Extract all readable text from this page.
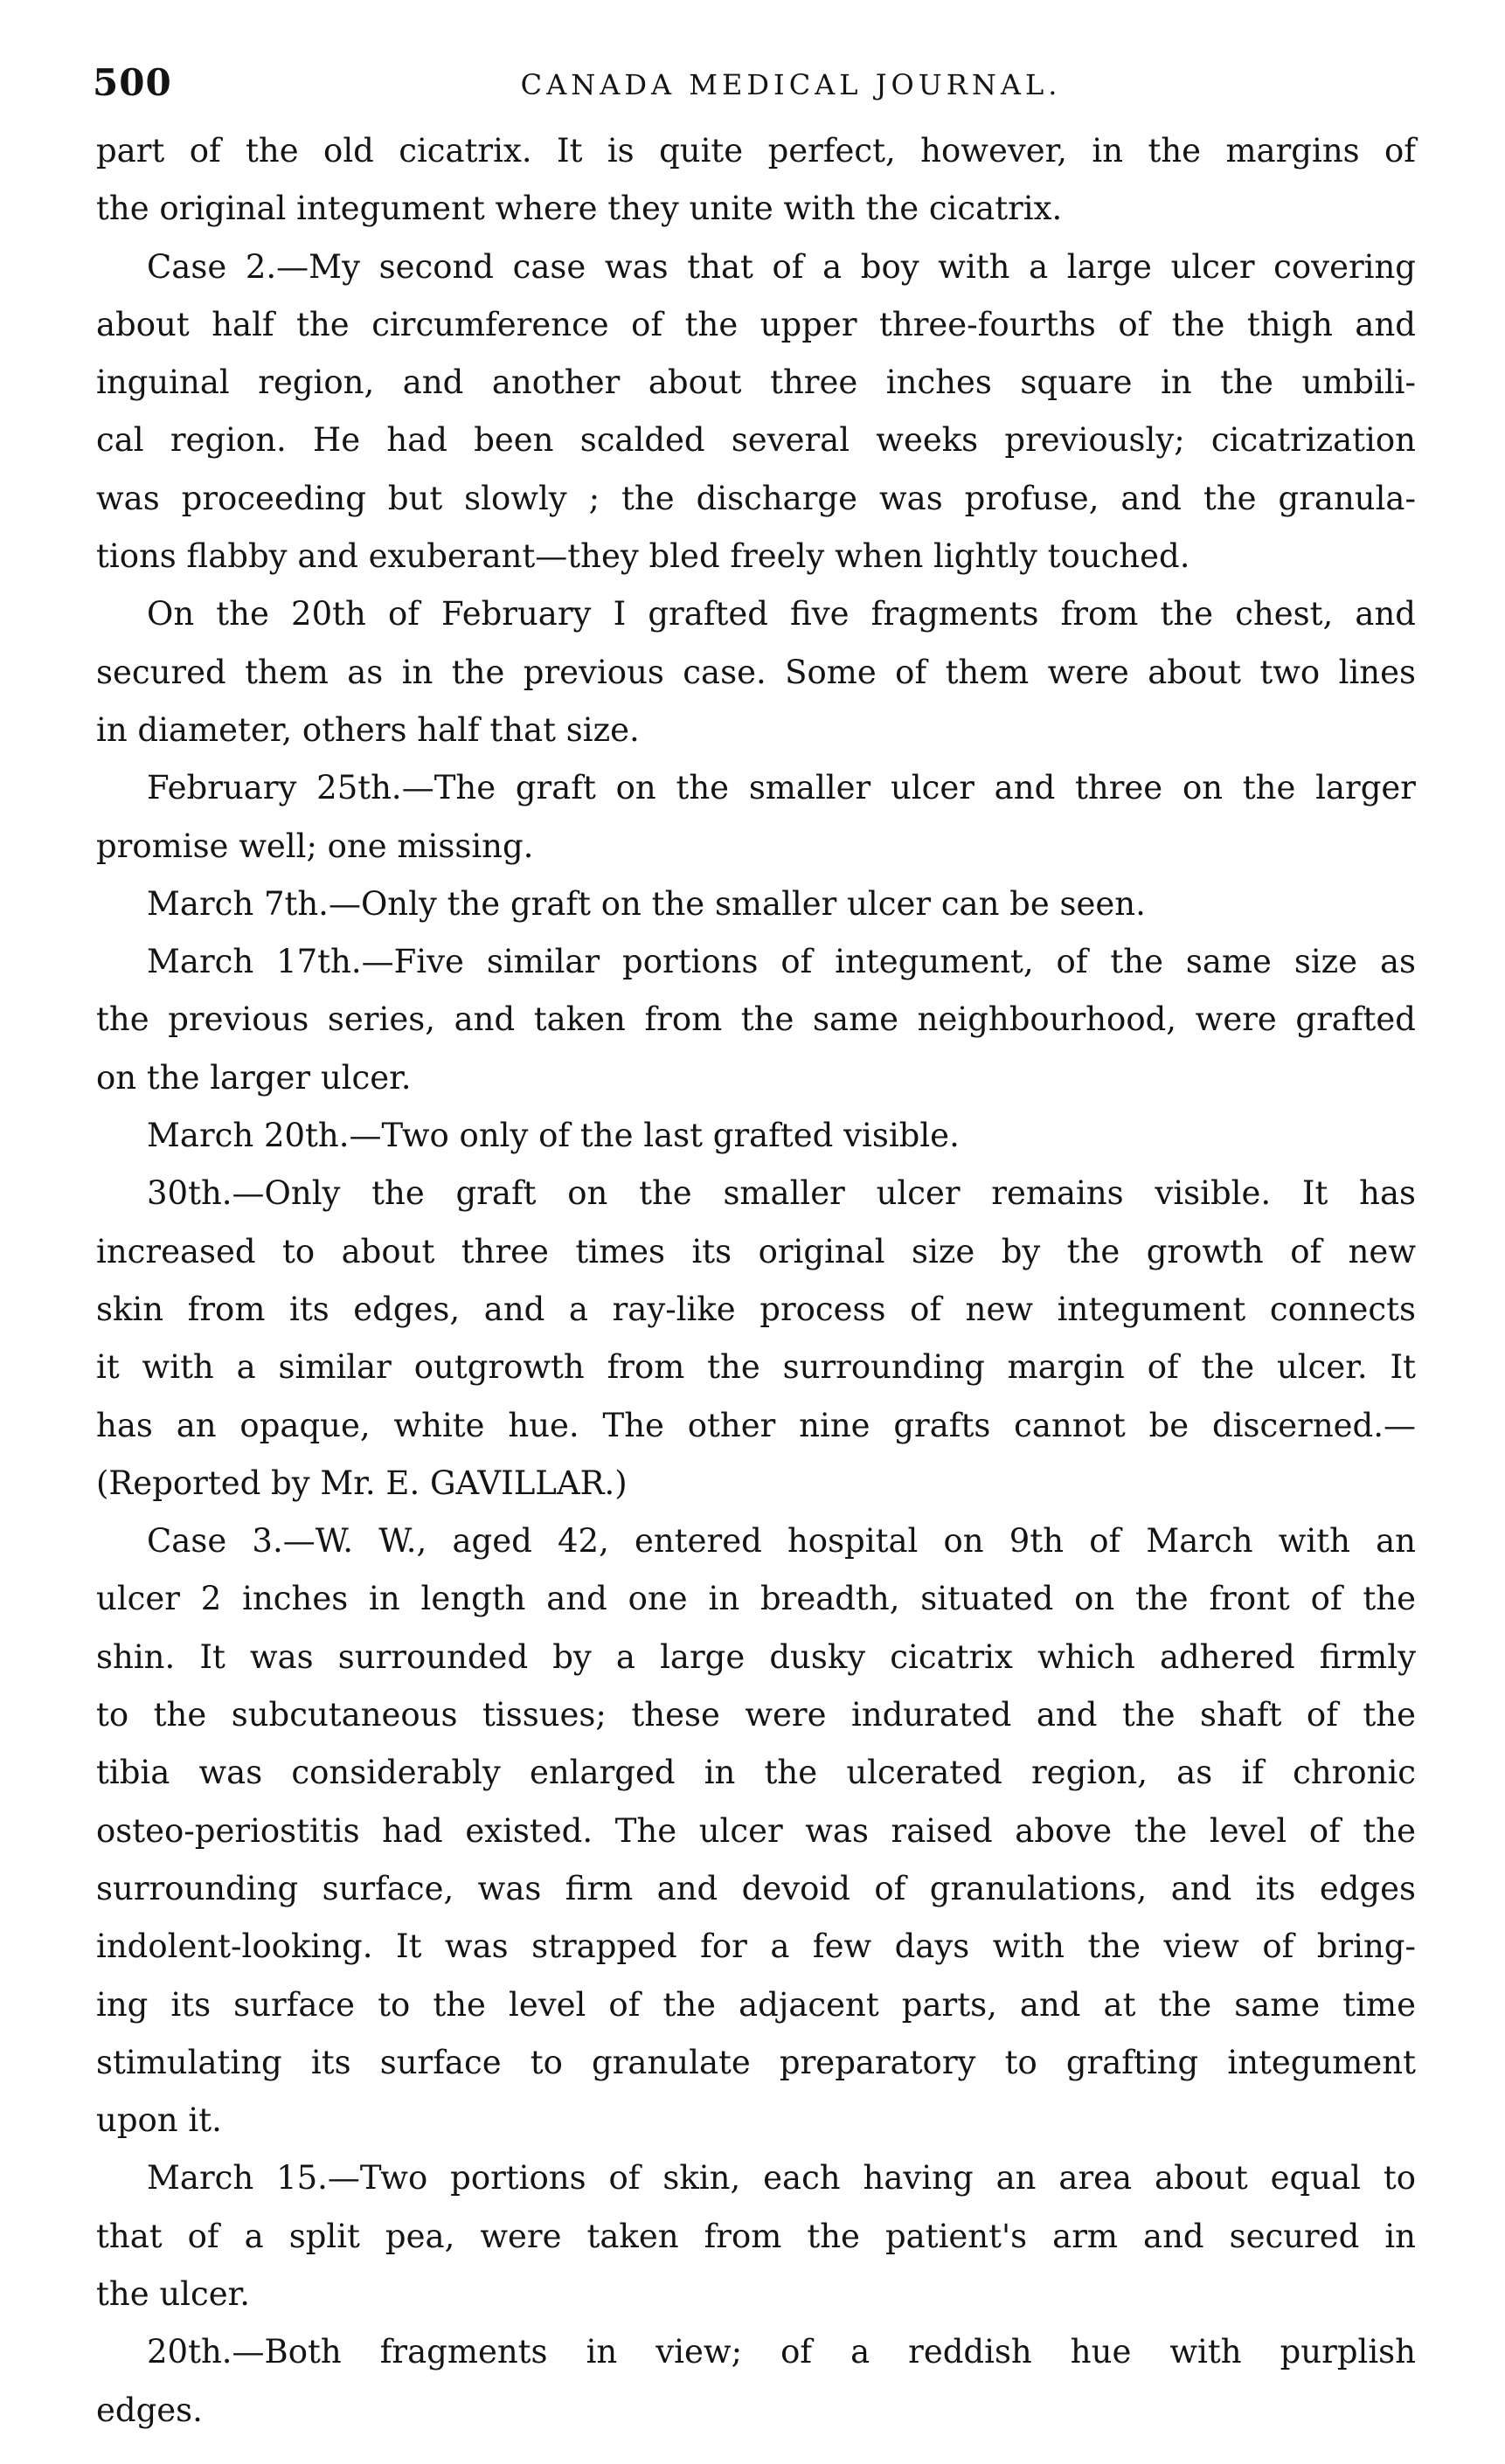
500	CANADA MEDICAL JOURNAL.
part of the old cicatrix. It is quite perfect, however, in the margins of
the original integument where they unite with the cicatrix.
Case 2.—My second case was that of a boy with a large ulcer covering
about half the circumference of the upper three-fourths of the thigh and
inguinal region, and another about three inches square in the umbili-
cal region. He had been scalded several weeks previously; cicatrization
was proceeding but slowly ; the discharge was profuse, and the granula-
tions flabby and exuberant—they bled freely when lightly touched.
On the 20th of February I grafted five fragments from the chest, and
secured them as in the previous case. Some of them were about two lines
in diameter, others half that size.
February 25th.—The graft on the smaller ulcer and three on the larger
promise well; one missing.
March 7th.—Only the graft on the smaller ulcer can be seen.
March 17th.—Five similar portions of integument, of the same size as
the previous series, and taken from the same neighbourhood, were grafted
on the larger ulcer.
March 20th.—Two only of the last grafted visible.
30th.—Only the graft on the smaller ulcer remains visible. It has
increased to about three times its original size by the growth of new
skin from its edges, and a ray-like process of new integument connects
it with a similar outgrowth from the surrounding margin of the ulcer. It
has an opaque, white hue. The other nine grafts cannot be discerned.—
(Reported by Mr. E. GAVILLAR.)
Case 3.—W. W., aged 42, entered hospital on 9th of March with an
ulcer 2 inches in length and one in breadth, situated on the front of the
shin. It was surrounded by a large dusky cicatrix which adhered firmly
to the subcutaneous tissues; these were indurated and the shaft of the
tibia was considerably enlarged in the ulcerated region, as if chronic
osteo-periostitis had existed. The ulcer was raised above the level of the
surrounding surface, was firm and devoid of granulations, and its edges
indolent-looking. It was strapped for a few days with the view of bring-
ing its surface to the level of the adjacent parts, and at the same time
stimulating its surface to granulate preparatory to grafting integument
upon it.
March 15.—Two portions of skin, each having an area about equal to
that of a split pea, were taken from the patient's arm and secured in
the ulcer.
20th.—Both fragments in view; of a reddish hue with purplish
edges.
